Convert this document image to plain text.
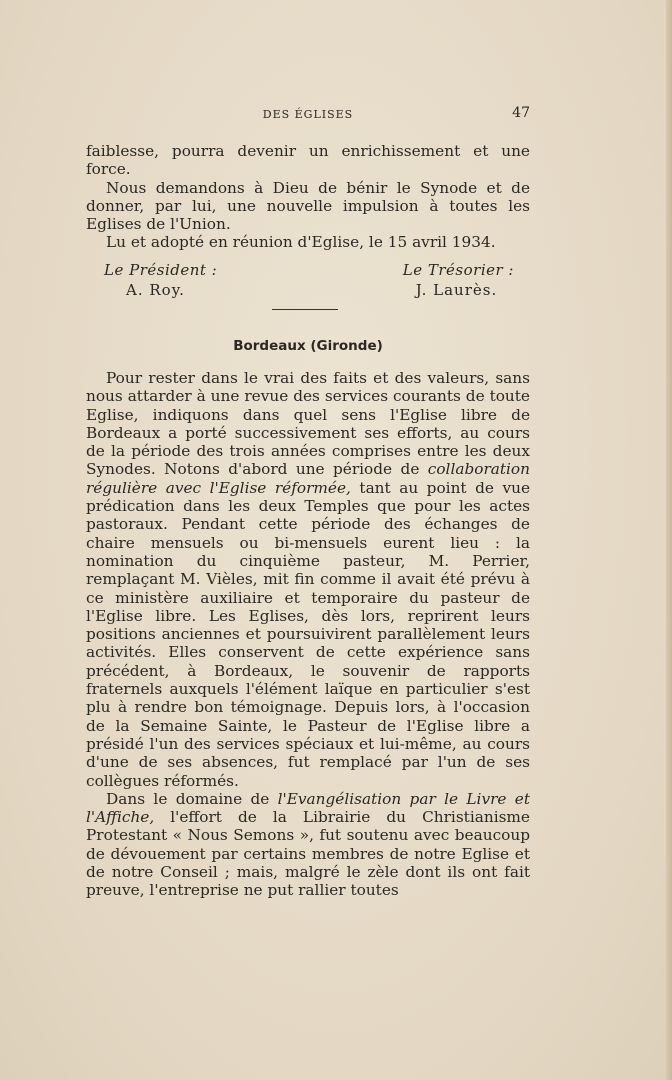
DES ÉGLISES	47

faiblesse, pourra devenir un enrichissement et une force.

Nous demandons à Dieu de bénir le Synode et de donner, par lui, une nouvelle impulsion à toutes les Eglises de l'Union.

Lu et adopté en réunion d'Eglise, le 15 avril 1934.

Le Président :
A. Roy.
Le Trésorier :
J. Laurès.
Bordeaux (Gironde)

Pour rester dans le vrai des faits et des valeurs, sans nous attarder à une revue des services courants de toute Eglise, indiquons dans quel sens l'Eglise libre de Bordeaux a porté successivement ses efforts, au cours de la période des trois années comprises entre les deux Synodes. Notons d'abord une période de collaboration régulière avec l'Eglise réformée, tant au point de vue prédication dans les deux Temples que pour les actes pastoraux. Pendant cette période des échanges de chaire mensuels ou bi-mensuels eurent lieu : la nomination du cinquième pasteur, M. Perrier, remplaçant M. Vièles, mit fin comme il avait été prévu à ce ministère auxiliaire et temporaire du pasteur de l'Eglise libre. Les Eglises, dès lors, reprirent leurs positions anciennes et poursuivirent parallèlement leurs activités. Elles conservent de cette expérience sans précédent, à Bordeaux, le souvenir de rapports fraternels auxquels l'élément laïque en particulier s'est plu à rendre bon témoignage. Depuis lors, à l'occasion de la Semaine Sainte, le Pasteur de l'Eglise libre a présidé l'un des services spéciaux et lui-même, au cours d'une de ses absences, fut remplacé par l'un de ses collègues réformés.

Dans le domaine de l'Evangélisation par le Livre et l'Affiche, l'effort de la Librairie du Christianisme Protestant « Nous Semons », fut soutenu avec beaucoup de dévouement par certains membres de notre Eglise et de notre Conseil ; mais, malgré le zèle dont ils ont fait preuve, l'entreprise ne put rallier toutes
